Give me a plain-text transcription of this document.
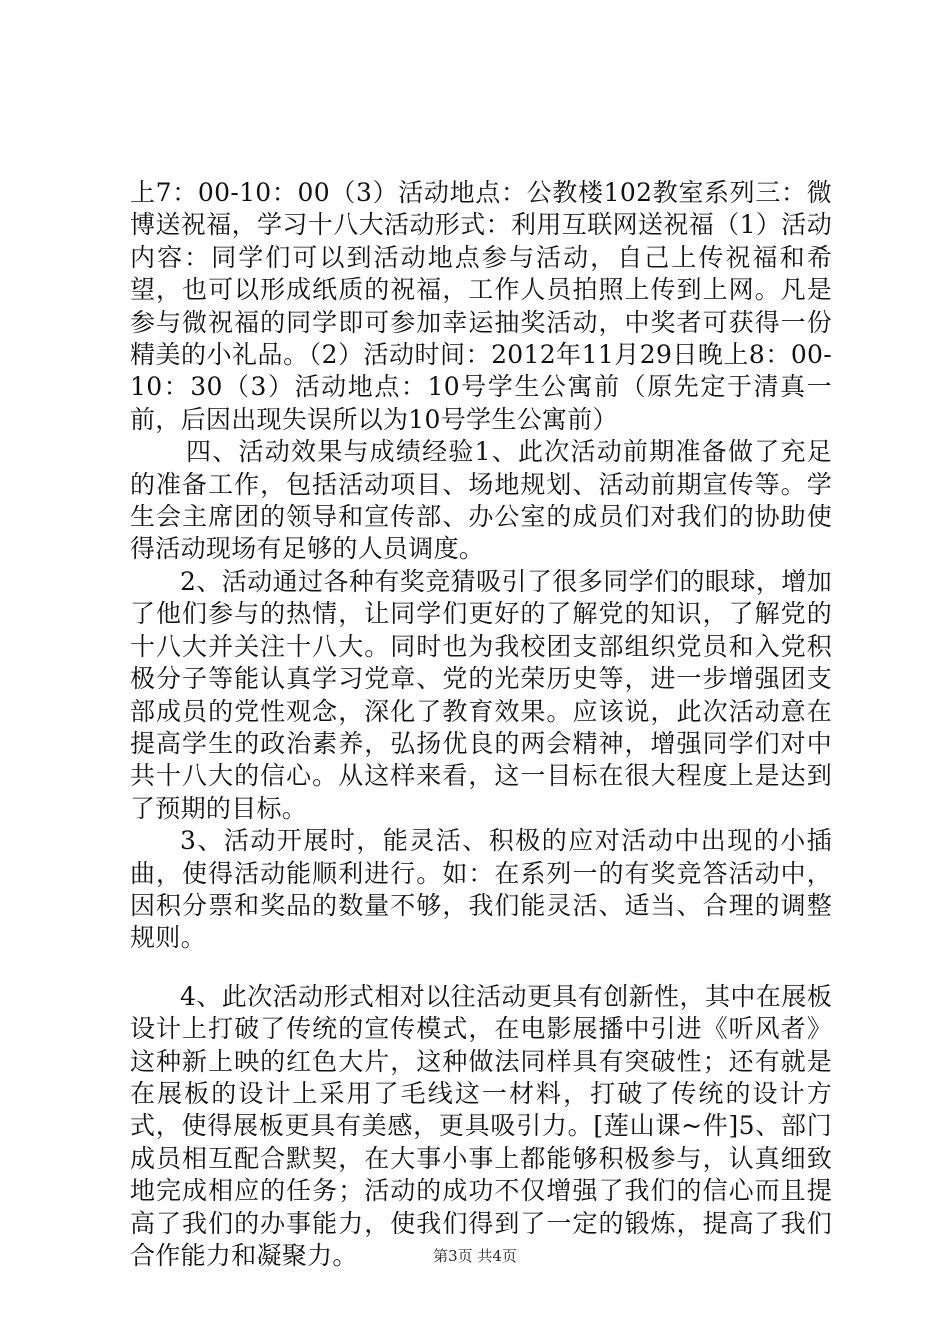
上7：00-10：00（3）活动地点：公教楼102教室系列三：微博送祝福，学习十八大活动形式：利用互联网送祝福（1）活动内容：同学们可以到活动地点参与活动，自己上传祝福和希望，也可以形成纸质的祝福，工作人员拍照上传到上网。凡是参与微祝福的同学即可参加幸运抽奖活动，中奖者可获得一份精美的小礼品。（2）活动时间：2012年11月29日晚上8：00-10：30（3）活动地点：10号学生公寓前（原先定于清真一前，后因出现失误所以为10号学生公寓前）

四、活动效果与成绩经验1、此次活动前期准备做了充足的准备工作，包括活动项目、场地规划、活动前期宣传等。学生会主席团的领导和宣传部、办公室的成员们对我们的协助使得活动现场有足够的人员调度。

2、活动通过各种有奖竞猜吸引了很多同学们的眼球，增加了他们参与的热情，让同学们更好的了解党的知识，了解党的十八大并关注十八大。同时也为我校团支部组织党员和入党积极分子等能认真学习党章、党的光荣历史等，进一步增强团支部成员的党性观念，深化了教育效果。应该说，此次活动意在提高学生的政治素养，弘扬优良的两会精神，增强同学们对中共十八大的信心。从这样来看，这一目标在很大程度上是达到了预期的目标。

3、活动开展时，能灵活、积极的应对活动中出现的小插曲，使得活动能顺利进行。如：在系列一的有奖竞答活动中，因积分票和奖品的数量不够，我们能灵活、适当、合理的调整规则。

4、此次活动形式相对以往活动更具有创新性，其中在展板设计上打破了传统的宣传模式，在电影展播中引进《听风者》这种新上映的红色大片，这种做法同样具有突破性；还有就是在展板的设计上采用了毛线这一材料，打破了传统的设计方式，使得展板更具有美感，更具吸引力。[莲山课~件]5、部门成员相互配合默契，在大事小事上都能够积极参与，认真细致地完成相应的任务；活动的成功不仅增强了我们的信心而且提高了我们的办事能力，使我们得到了一定的锻炼，提高了我们合作能力和凝聚力。	第3页 共4页
